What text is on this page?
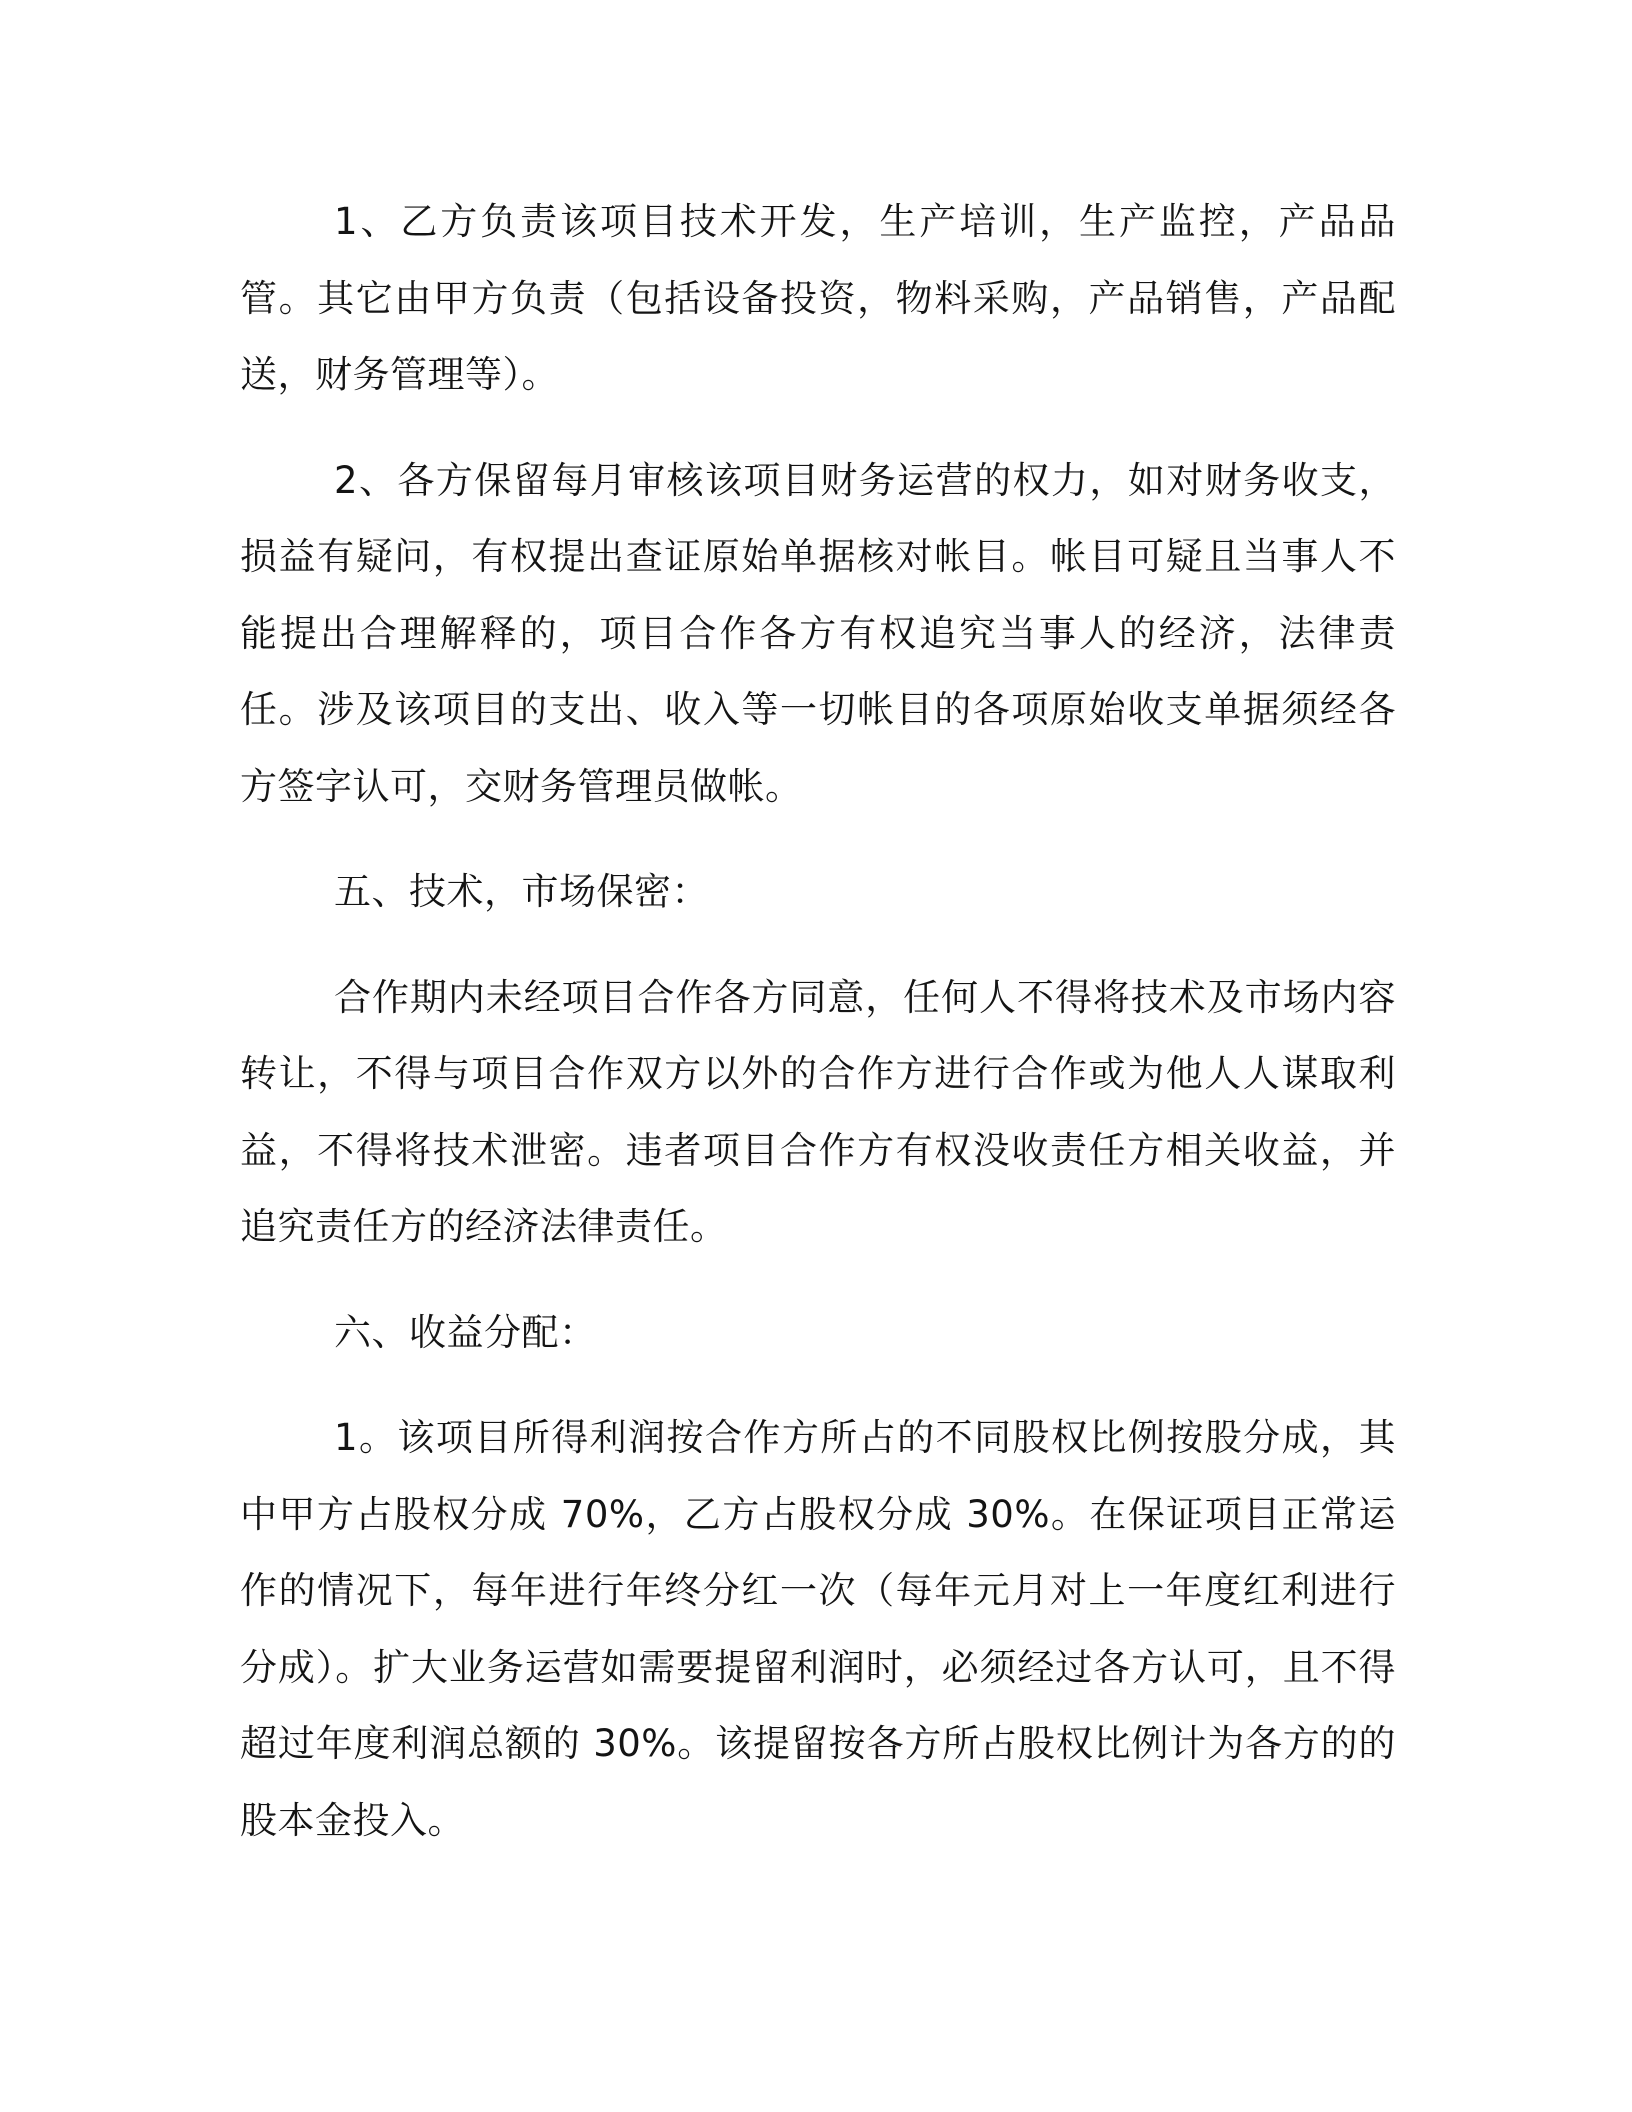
1、乙方负责该项目技术开发，生产培训，生产监控，产品品管。其它由甲方负责（包括设备投资，物料采购，产品销售，产品配送，财务管理等）。

2、各方保留每月审核该项目财务运营的权力，如对财务收支，损益有疑问，有权提出查证原始单据核对帐目。帐目可疑且当事人不能提出合理解释的，项目合作各方有权追究当事人的经济，法律责任。涉及该项目的支出、收入等一切帐目的各项原始收支单据须经各方签字认可，交财务管理员做帐。

五、技术，市场保密：

合作期内未经项目合作各方同意，任何人不得将技术及市场内容转让，不得与项目合作双方以外的合作方进行合作或为他人人谋取利益，不得将技术泄密。违者项目合作方有权没收责任方相关收益，并追究责任方的经济法律责任。

六、收益分配：

1。该项目所得利润按合作方所占的不同股权比例按股分成，其中甲方占股权分成 70%，乙方占股权分成 30%。在保证项目正常运作的情况下，每年进行年终分红一次（每年元月对上一年度红利进行分成）。扩大业务运营如需要提留利润时，必须经过各方认可，且不得超过年度利润总额的 30%。该提留按各方所占股权比例计为各方的的股本金投入。
